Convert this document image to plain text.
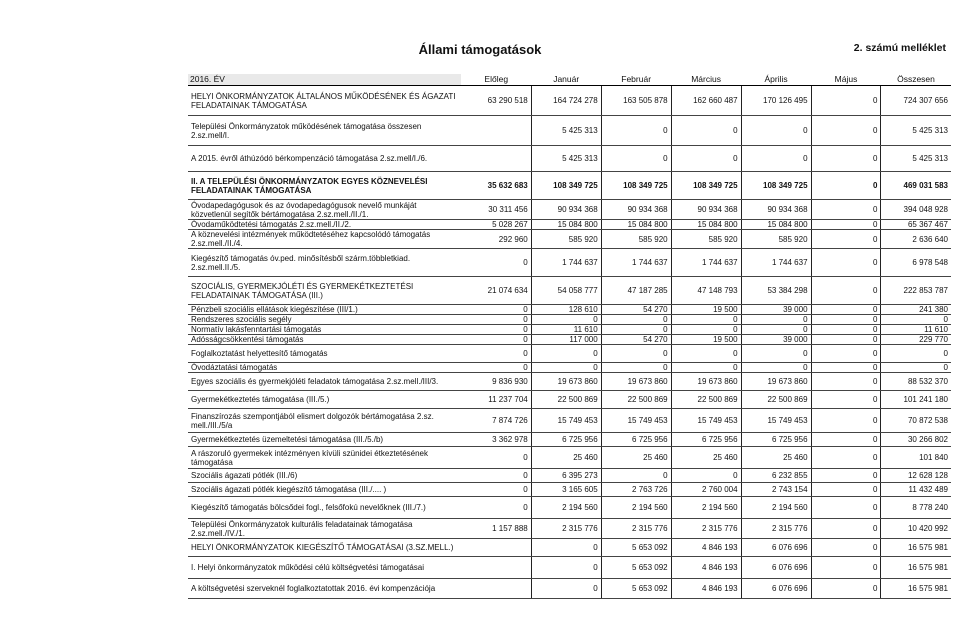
Állami támogatások	2. számú melléklet
2016. ÉV	Előleg	Január	Február	Március	Április	Május	Összesen
HELYI ÖNKORMÁNYZATOK ÁLTALÁNOS MŰKÖDÉSÉNEK ÉS ÁGAZATI FELADATAINAK TÁMOGATÁSA	63 290 518	164 724 278	163 505 878	162 660 487	170 126 495	0	724 307 656
Települési Önkormányzatok működésének támogatása összesen 2.sz.mell/I.		5 425 313	0	0	0	0	5 425 313
A 2015. évről áthúzódó bérkompenzáció támogatása 2.sz.mell/I./6.		5 425 313	0	0	0	0	5 425 313
II. A TELEPÜLÉSI ÖNKORMÁNYZATOK EGYES KÖZNEVELÉSI FELADATAINAK TÁMOGATÁSA	35 632 683	108 349 725	108 349 725	108 349 725	108 349 725	0	469 031 583
Óvodapedagógusok és az óvodapedagógusok nevelő munkáját közvetlenül segítők bértámogatása 2.sz.mell./II./1.	30 311 456	90 934 368	90 934 368	90 934 368	90 934 368	0	394 048 928
Óvodaműködtetési támogatás 2.sz.mell./II./2.	5 028 267	15 084 800	15 084 800	15 084 800	15 084 800	0	65 367 467
A köznevelési intézmények működtetéséhez kapcsolódó támogatás 2.sz.mell./II./4.	292 960	585 920	585 920	585 920	585 920	0	2 636 640
Kiegészítő támogatás óv.ped. minősítésből szárm.többletkiad. 2.sz.mell.II./5.	0	1 744 637	1 744 637	1 744 637	1 744 637	0	6 978 548
SZOCIÁLIS, GYERMEKJÓLÉTI ÉS GYERMEKÉTKEZTETÉSI FELADATAINAK TÁMOGATÁSA (III.)	21 074 634	54 058 777	47 187 285	47 148 793	53 384 298	0	222 853 787
Pénzbeli szociális ellátások kiegészítése (III/1.)	0	128 610	54 270	19 500	39 000	0	241 380
Rendszeres szociális segély	0	0	0	0	0	0	0
Normatív lakásfenntartási támogatás	0	11 610	0	0	0	0	11 610
Adósságcsökkentési támogatás	0	117 000	54 270	19 500	39 000	0	229 770
Foglalkoztatást helyettesítő támogatás	0	0	0	0	0	0	0
Óvodáztatási támogatás	0	0	0	0	0	0	0
Egyes szociális és gyermekjóléti feladatok támogatása 2.sz.mell./III/3.	9 836 930	19 673 860	19 673 860	19 673 860	19 673 860	0	88 532 370
Gyermekétkeztetés támogatása (III./5.)	11 237 704	22 500 869	22 500 869	22 500 869	22 500 869	0	101 241 180
Finanszírozás szempontjából elismert dolgozók bértámogatása 2.sz. mell./III./5/a	7 874 726	15 749 453	15 749 453	15 749 453	15 749 453	0	70 872 538
Gyermekétkeztetés üzemeltetési támogatása (III./5./b)	3 362 978	6 725 956	6 725 956	6 725 956	6 725 956	0	30 266 802
A rászoruló gyermekek intézményen kívüli szünidei étkeztetésének támogatása	0	25 460	25 460	25 460	25 460	0	101 840
Szociális ágazati pótlék (III./6)	0	6 395 273	0	0	6 232 855	0	12 628 128
Szociális ágazati pótlék kiegészítő támogatása (III./.... )	0	3 165 605	2 763 726	2 760 004	2 743 154	0	11 432 489
Kiegészítő támogatás bölcsődei fogl., felsőfokú nevelőknek (III./7.)	0	2 194 560	2 194 560	2 194 560	2 194 560	0	8 778 240
Települési Önkormányzatok kulturális feladatainak támogatása 2.sz.mell./IV./1.	1 157 888	2 315 776	2 315 776	2 315 776	2 315 776	0	10 420 992
HELYI ÖNKORMÁNYZATOK KIEGÉSZÍTŐ TÁMOGATÁSAI (3.SZ.MELL.)		0	5 653 092	4 846 193	6 076 696	0	16 575 981
I. Helyi önkormányzatok működési célú költségvetési támogatásai		0	5 653 092	4 846 193	6 076 696	0	16 575 981
A költségvetési szerveknél foglalkoztatottak 2016. évi kompenzációja		0	5 653 092	4 846 193	6 076 696	0	16 575 981
